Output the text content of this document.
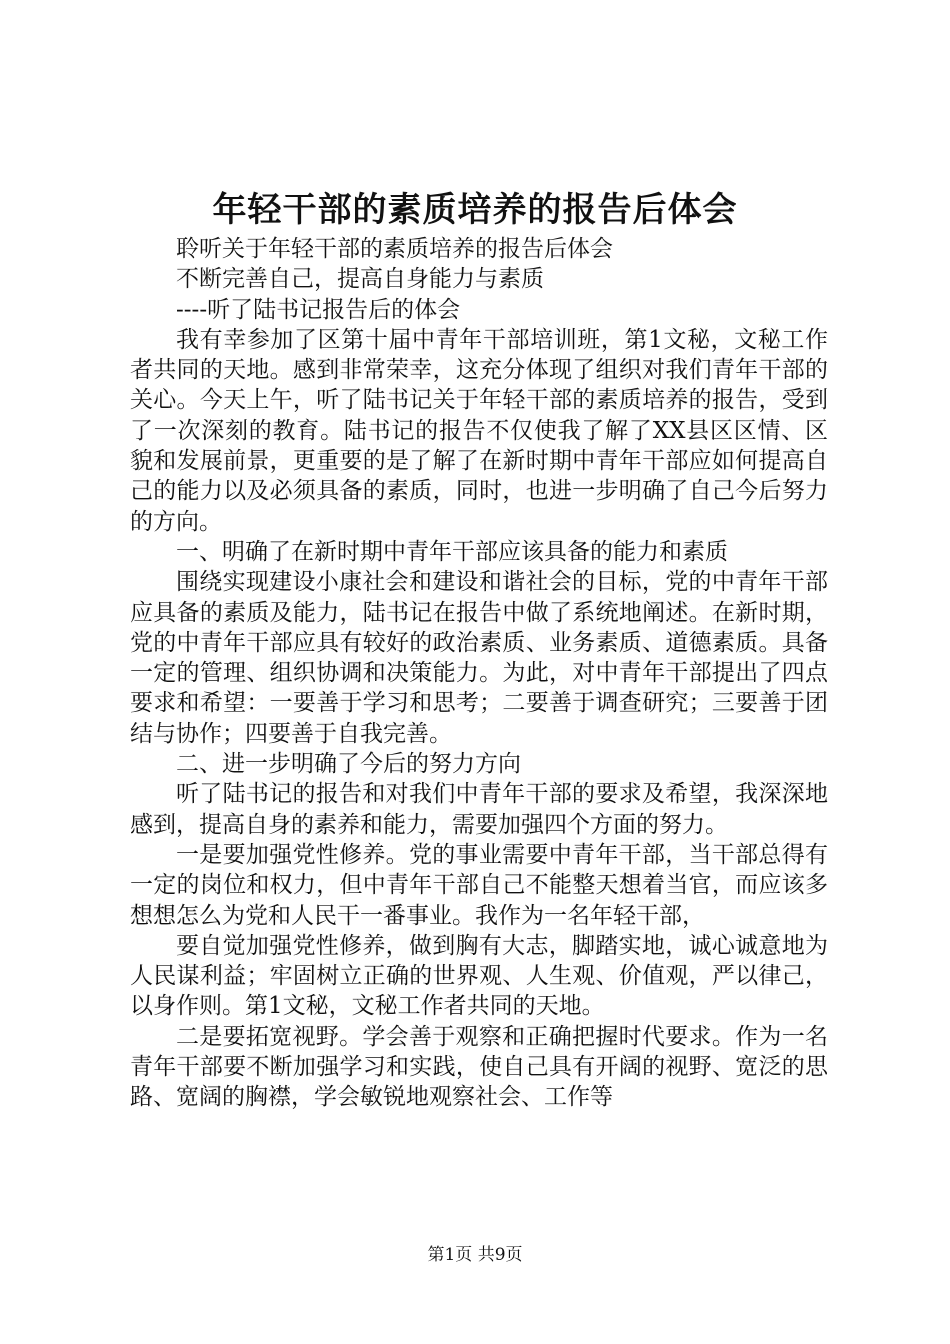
年轻干部的素质培养的报告后体会

聆听关于年轻干部的素质培养的报告后体会

不断完善自己，提高自身能力与素质

----听了陆书记报告后的体会

我有幸参加了区第十届中青年干部培训班，第1文秘，文秘工作者共同的天地。感到非常荣幸，这充分体现了组织对我们青年干部的关心。今天上午，听了陆书记关于年轻干部的素质培养的报告，受到了一次深刻的教育。陆书记的报告不仅使我了解了XX县区区情、区貌和发展前景，更重要的是了解了在新时期中青年干部应如何提高自己的能力以及必须具备的素质，同时，也进一步明确了自己今后努力的方向。

一、明确了在新时期中青年干部应该具备的能力和素质

围绕实现建设小康社会和建设和谐社会的目标，党的中青年干部应具备的素质及能力，陆书记在报告中做了系统地阐述。在新时期，党的中青年干部应具有较好的政治素质、业务素质、道德素质。具备一定的管理、组织协调和决策能力。为此，对中青年干部提出了四点要求和希望：一要善于学习和思考；二要善于调查研究；三要善于团结与协作；四要善于自我完善。

二、进一步明确了今后的努力方向

听了陆书记的报告和对我们中青年干部的要求及希望，我深深地感到，提高自身的素养和能力，需要加强四个方面的努力。

一是要加强党性修养。党的事业需要中青年干部，当干部总得有一定的岗位和权力，但中青年干部自己不能整天想着当官，而应该多想想怎么为党和人民干一番事业。我作为一名年轻干部，

要自觉加强党性修养，做到胸有大志，脚踏实地，诚心诚意地为人民谋利益；牢固树立正确的世界观、人生观、价值观，严以律己，以身作则。第1文秘，文秘工作者共同的天地。

二是要拓宽视野。学会善于观察和正确把握时代要求。作为一名青年干部要不断加强学习和实践，使自己具有开阔的视野、宽泛的思路、宽阔的胸襟，学会敏锐地观察社会、工作等

第1页 共9页
